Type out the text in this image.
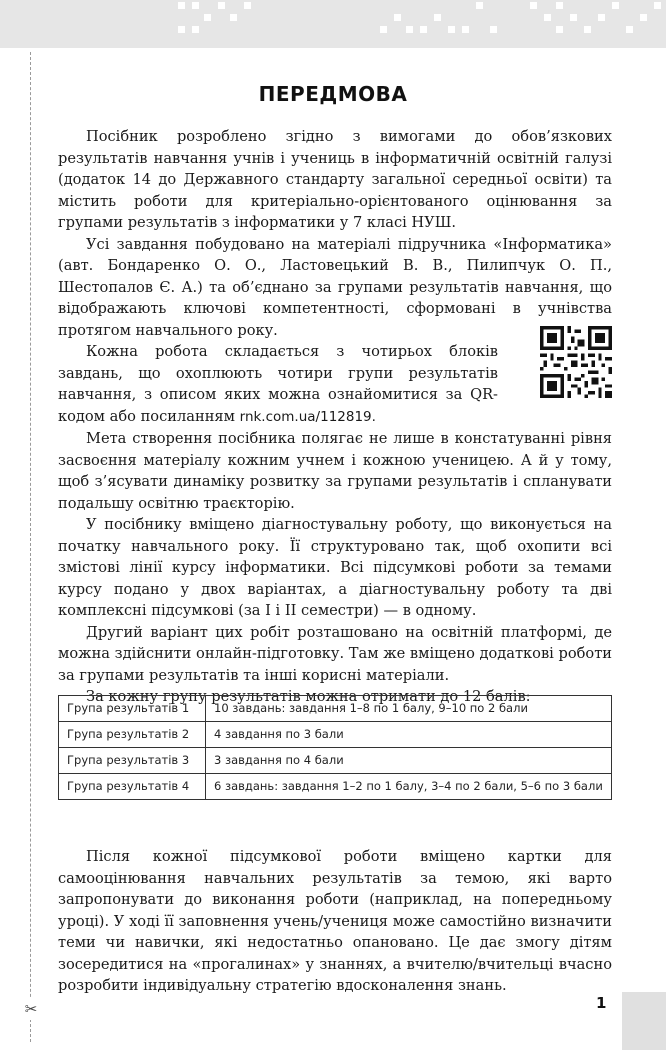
✂
ПЕРЕДМОВА

Посібник розроблено згідно з вимогами до обов’язкових результатів навчання учнів і учениць в інформатичній освітній галузі (додаток 14 до Державного стандарту загальної середньої освіти) та містить роботи для критеріально-орієнтованого оцінювання за групами результатів з інформатики у 7 класі НУШ.

Усі завдання побудовано на матеріалі підручника «Інформатика» (авт. Бондаренко О. О., Ластовецький В. В., Пилипчук О. П., Шестопалов Є. А.) та об’єднано за групами результатів навчання, що відображають ключові компетентності, сформовані в учнівства протягом навчального року.

Кожна робота складається з чотирьох блоків завдань, що охоплюють чотири групи результатів навчання, з описом яких можна ознайомитися за QR-кодом або посиланням rnk.com.ua/112819.

Мета створення посібника полягає не лише в констатуванні рівня засвоєння матеріалу кожним учнем і кожною ученицею. А й у тому, щоб з’ясувати динаміку розвитку за групами результатів і спланувати подальшу освітню траєкторію.

У посібнику вміщено діагностувальну роботу, що виконується на початку навчального року. Її структуровано так, щоб охопити всі змістові лінії курсу інформатики. Всі підсумкові роботи за темами курсу подано у двох варіантах, а діагностувальну роботу та дві комплексні підсумкові (за І і ІІ семестри) — в одному.

Другий варіант цих робіт розташовано на освітній платформі, де можна здійснити онлайн-підготовку. Там же вміщено додаткові роботи за групами результатів та інші корисні матеріали.

За кожну групу результатів можна отримати до 12 балів:

Група результатів 1	10 завдань: завдання 1–8 по 1 балу, 9–10 по 2 бали
Група результатів 2	4 завдання по 3 бали
Група результатів 3	3 завдання по 4 бали
Група результатів 4	6 завдань: завдання 1–2 по 1 балу, 3–4 по 2 бали, 5–6 по 3 бали

Після кожної підсумкової роботи вміщено картки для самооцінювання навчальних результатів за темою, які варто запропонувати до виконання роботи (наприклад, на попередньому уроці). У ході її заповнення учень/учениця може самостійно визначити теми чи навички, які недостатньо опановано. Це дає змогу дітям зосередитися на «прогалинах» у знаннях, а вчителю/вчительці вчасно розробити індивідуальну стратегію вдосконалення знань.

1
